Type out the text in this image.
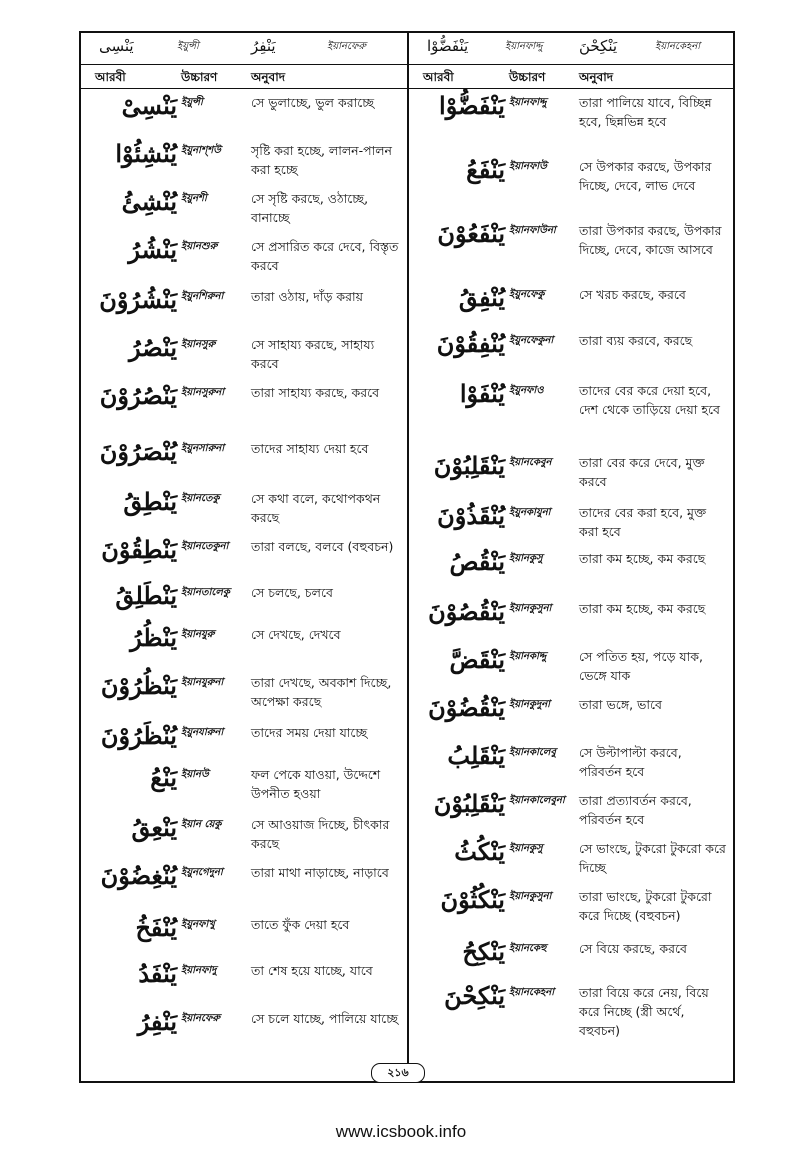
يَنْسِى	ইয়ুন্সী	يَنْفِرُ	ইয়ানফেরু	يَنْفَضُّوْا	ইয়ানফাদ্দু يَنْكِحْنَ	ইয়ানকেহনা
আরবী	উচ্চারণ	অনুবাদ	আরবী	উচ্চারণ	অনুবাদ
يَنْسِىْ ইয়ুন্সী	সে ভুলাচ্ছে, ভুল করাচ্ছে
يُنْشِئُوْا ইয়ুনাশ্শউ	সৃষ্টি করা হচ্ছে, লালন-পালন করা হচ্ছে
يُنْشِئُ ইয়ুনশী	সে সৃষ্টি করছে, ওঠাচ্ছে, বানাচ্ছে
يَنْشُرُ ইয়ানশুরু	সে প্রসারিত করে দেবে, বিস্তৃত করবে
يَنْشُرُوْنَ ইয়ুনশিরুনা	তারা ওঠায়, দাঁড় করায়
يَنْصُرُ ইয়ানসুরু	সে সাহায্য করছে, সাহায্য করবে
يَنْصُرُوْنَ ইয়ানসুরুনা	তারা সাহায্য করছে, করবে
يُنْصَرُوْنَ ইয়ুনসারুনা	তাদের সাহায্য দেয়া হবে
يَنْطِقُ ইয়ানতেকু	সে কথা বলে, কথোপকথন করছে
يَنْطِقُوْنَ ইয়ানতেকুনা	তারা বলছে, বলবে (বহুবচন)
يَنْطَلِقُ ইয়ানতালেকু	সে চলছে, চলবে
يَنْظُرُ ইয়ানযুরু	সে দেখছে, দেখবে
يَنْظُرُوْنَ ইয়ানযুরুনা	তারা দেখছে, অবকাশ দিচ্ছে, অপেক্ষা করছে
يُنْظَرُوْنَ ইয়ুনযারুনা	তাদের সময় দেয়া যাচ্ছে
يَنْعُ ইয়ানউ	ফল পেকে যাওয়া, উদ্দেশে উপনীত হওয়া
يَنْعِقُ ইয়ান য়েকু	সে আওয়াজ দিচ্ছে, চীৎকার করছে
يُنْغِضُوْنَ ইয়ুনগেদুনা	তারা মাথা নাড়াচ্ছে, নাড়াবে
يُنْفَخُ ইয়ুনফাখু	তাতে ফুঁক দেয়া হবে
يَنْفَدُ ইয়ানফাদু	তা শেষ হয়ে যাচ্ছে, যাবে
يَنْفِرُ ইয়ানফেরু	সে চলে যাচ্ছে, পালিয়ে যাচ্ছে
يَنْفَضُّوْا ইয়ানফাদ্দু	তারা পালিয়ে যাবে, বিচ্ছিন্ন হবে, ছিন্নভিন্ন হবে
يَنْفَعُ ইয়ানফাউ	সে উপকার করছে, উপকার দিচ্ছে, দেবে, লাভ দেবে
يَنْفَعُوْنَ ইয়ানফাউনা	তারা উপকার করছে, উপকার দিচ্ছে, দেবে, কাজে আসবে
يُنْفِقُ ইয়ুনফেকু	সে খরচ করছে, করবে
يُنْفِقُوْنَ ইয়ুনফেকুনা	তারা ব্যয় করবে, করছে
يُنْفَوْا ইয়ুনফাও	তাদের বের করে দেয়া হবে, দেশ থেকে তাড়িয়ে দেয়া হবে
يَنْقَلِبُوْنَ ইয়ানকেবুন	তারা বের করে দেবে, মুক্ত করবে
يُنْقَذُوْنَ ইয়ুনকাযুনা	তাদের বের করা হবে, মুক্ত করা হবে
يَنْقُصُ ইয়ানকুসু	তারা কম হচ্ছে, কম করছে
يَنْقُصُوْنَ ইয়ানকুসুনা	তারা কম হচ্ছে, কম করছে
يَنْقَضَّ ইয়ানকাদ্দু	সে পতিত হয়, পড়ে যাক, ভেঙ্গে যাক
يَنْقُضُوْنَ ইয়ানকুদুনা	তারা ভঙ্গে, ভাবে
يَنْقَلِبُ ইয়ানকালেবু	সে উল্টাপাল্টা করবে, পরিবর্তন হবে
يَنْقَلِبُوْنَ ইয়ানকালেবুনা	তারা প্রত্যাবর্তন করবে, পরিবর্তন হবে
يَنْكُثُ ইয়ানকুসু	সে ভাংছে, টুকরো টুকরো করে দিচ্ছে
يَنْكُثُوْنَ ইয়ানকুসুনা	তারা ভাংছে, টুকরো টুকরো করে দিচ্ছে (বহুবচন)
يَنْكِحُ ইয়ানকেহু	সে বিয়ে করছে, করবে
يَنْكِحْنَ ইয়ানকেহনা	তারা বিয়ে করে নেয়, বিয়ে করে নিচ্ছে (স্ত্রী অর্থে, বহুবচন)
২১৬
www.icsbook.info
